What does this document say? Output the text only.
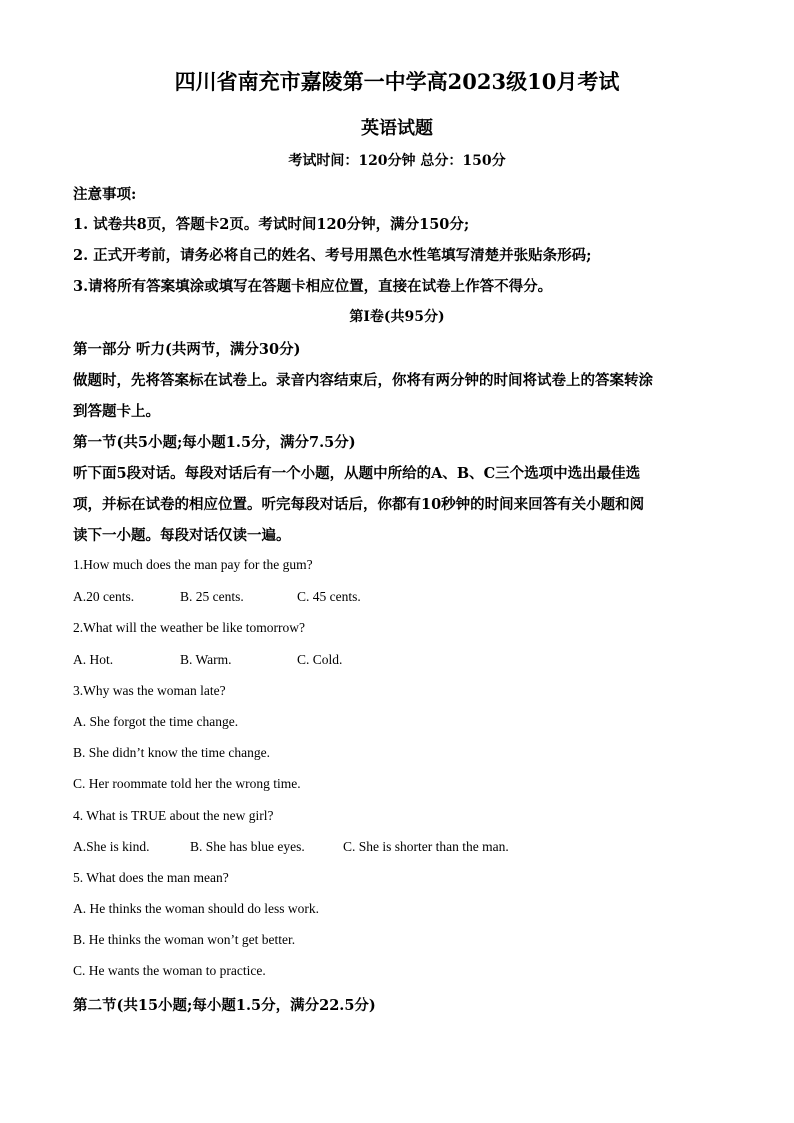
四川省南充市嘉陵第一中学高2023级10月考试
英语试题
考试时间：120分钟 总分：150分
注意事项:
1. 试卷共8页，答题卡2页。考试时间120分钟，满分150分;
2. 正式开考前，请务必将自己的姓名、考号用黑色水性笔填写清楚并张贴条形码;
3.请将所有答案填涂或填写在答题卡相应位置，直接在试卷上作答不得分。
第I卷(共95分)
第一部分 听力(共两节，满分30分)
做题时，先将答案标在试卷上。录音内容结束后，你将有两分钟的时间将试卷上的答案转涂
到答题卡上。
第一节(共5小题;每小题1.5分，满分7.5分)
听下面5段对话。每段对话后有一个小题，从题中所给的A、B、C三个选项中选出最佳选
项，并标在试卷的相应位置。听完每段对话后，你都有10秒钟的时间来回答有关小题和阅
读下一小题。每段对话仅读一遍。
1.How much does the man pay for the gum?
A.20 cents.	B. 25 cents.	C. 45 cents.
2.What will the weather be like tomorrow?
A. Hot.	B. Warm.	C. Cold.
3.Why was the woman late?
A. She forgot the time change.
B. She didn’t know the time change.
C. Her roommate told her the wrong time.
4. What is TRUE about the new girl?
A.She is kind.	B. She has blue eyes.	C. She is shorter than the man.
5. What does the man mean?
A. He thinks the woman should do less work.
B. He thinks the woman won’t get better.
C. He wants the woman to practice.
第二节(共15小题;每小题1.5分，满分22.5分)
